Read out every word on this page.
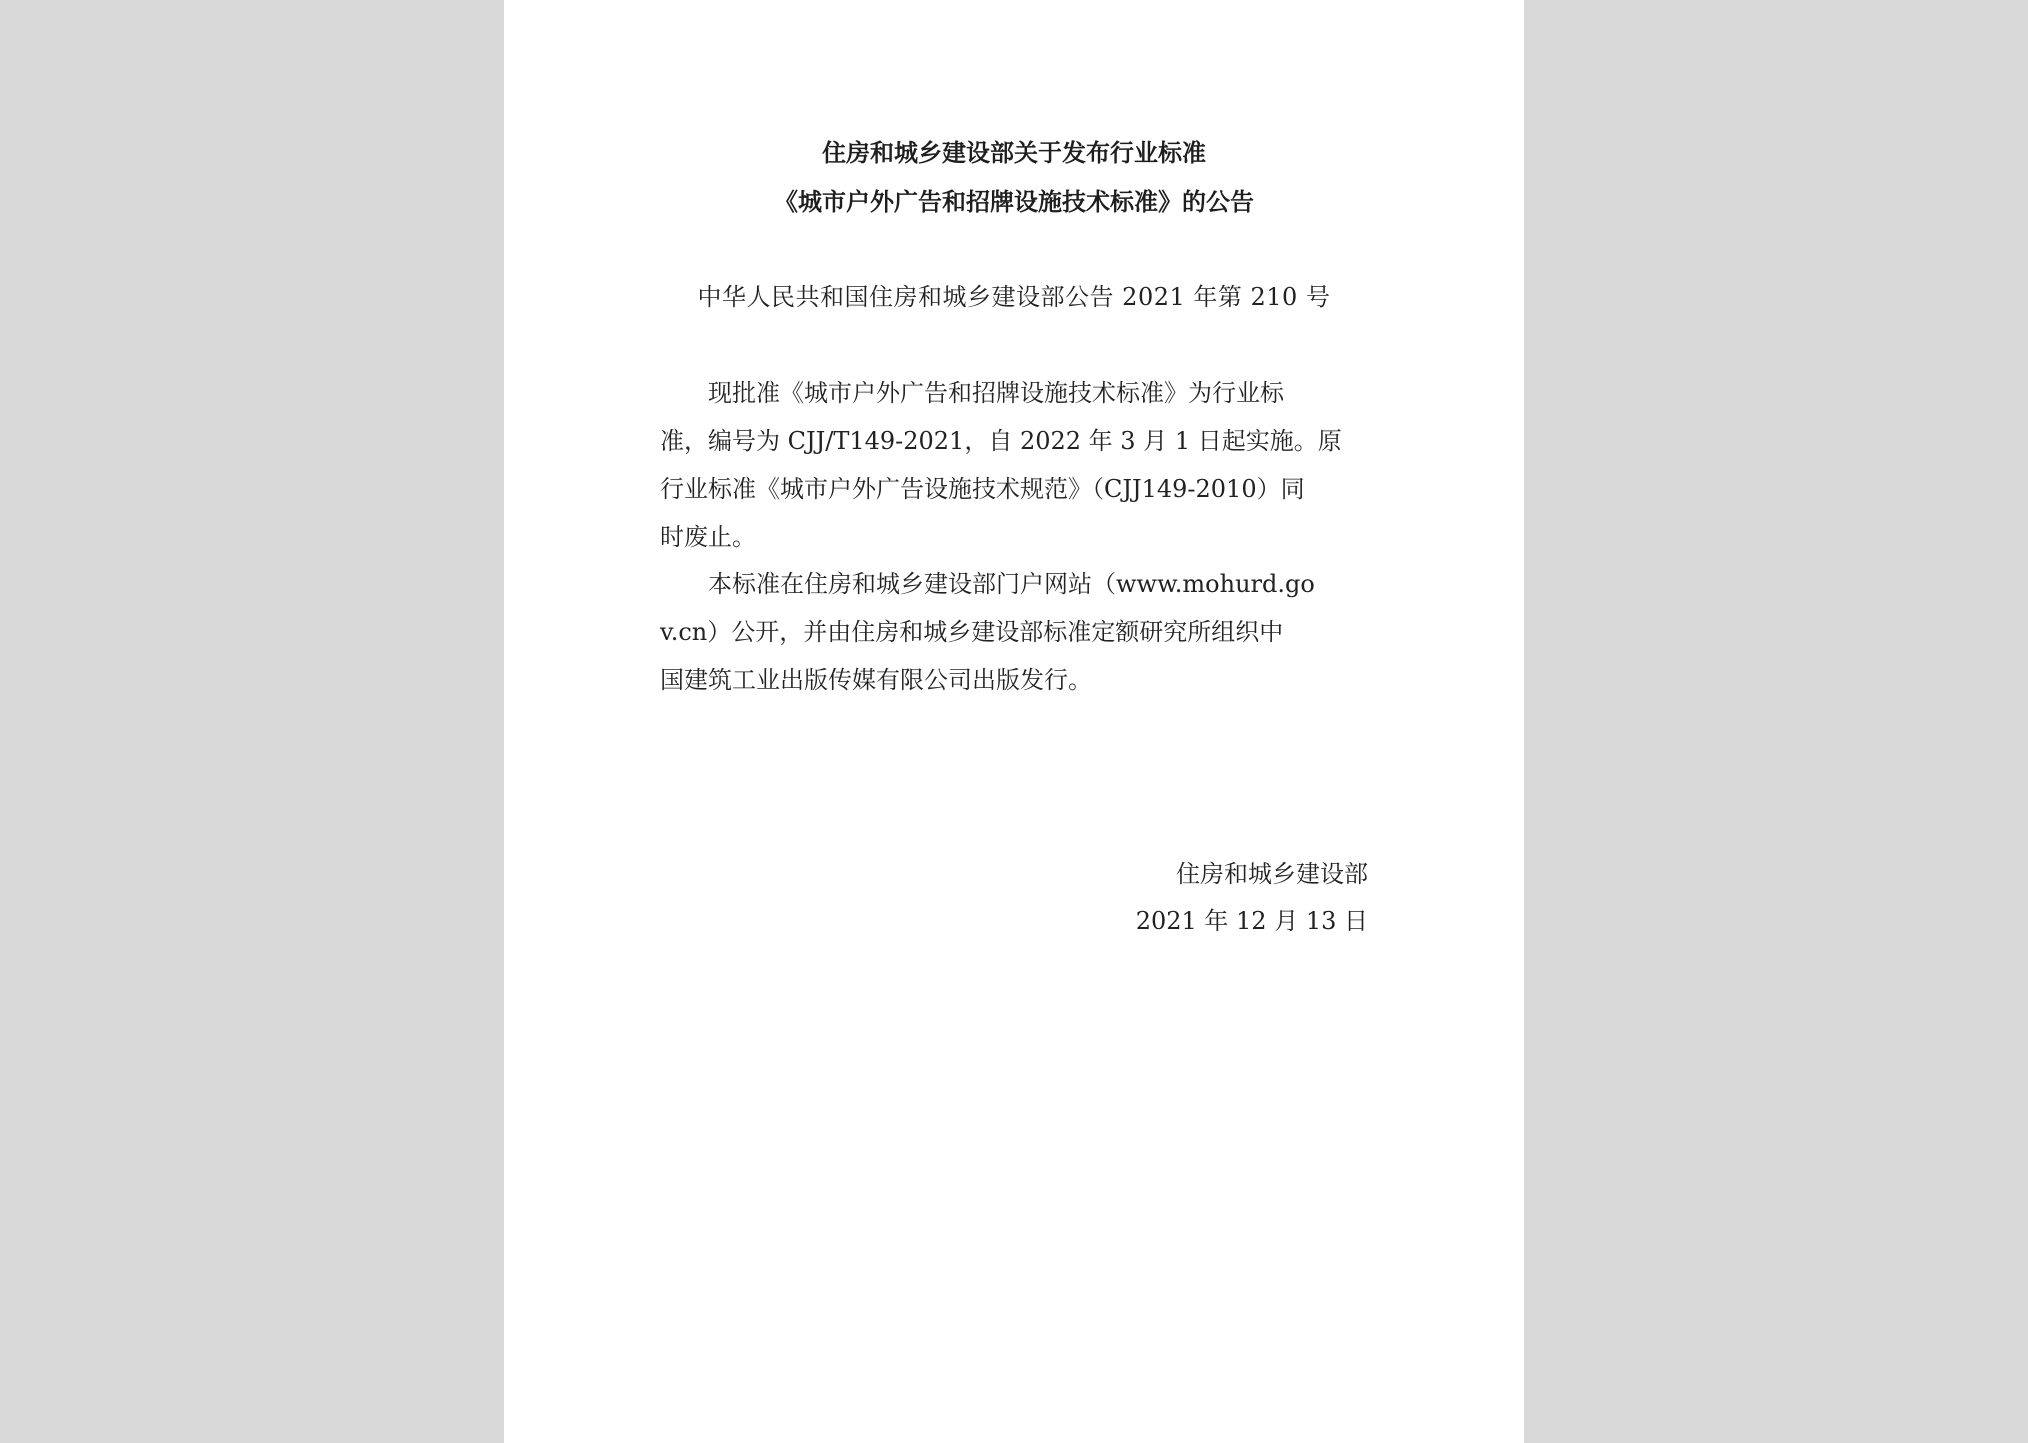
住房和城乡建设部关于发布行业标准
《城市户外广告和招牌设施技术标准》的公告
中华人民共和国住房和城乡建设部公告 2021 年第 210 号
现批准《城市户外广告和招牌设施技术标准》为行业标
准，编号为 CJJ/T149-2021，自 2022 年 3 月 1 日起实施。原
行业标准《城市户外广告设施技术规范》（CJJ149-2010）同
时废止。
本标准在住房和城乡建设部门户网站（www.mohurd.go
v.cn）公开，并由住房和城乡建设部标准定额研究所组织中
国建筑工业出版传媒有限公司出版发行。
住房和城乡建设部
2021 年 12 月 13 日
